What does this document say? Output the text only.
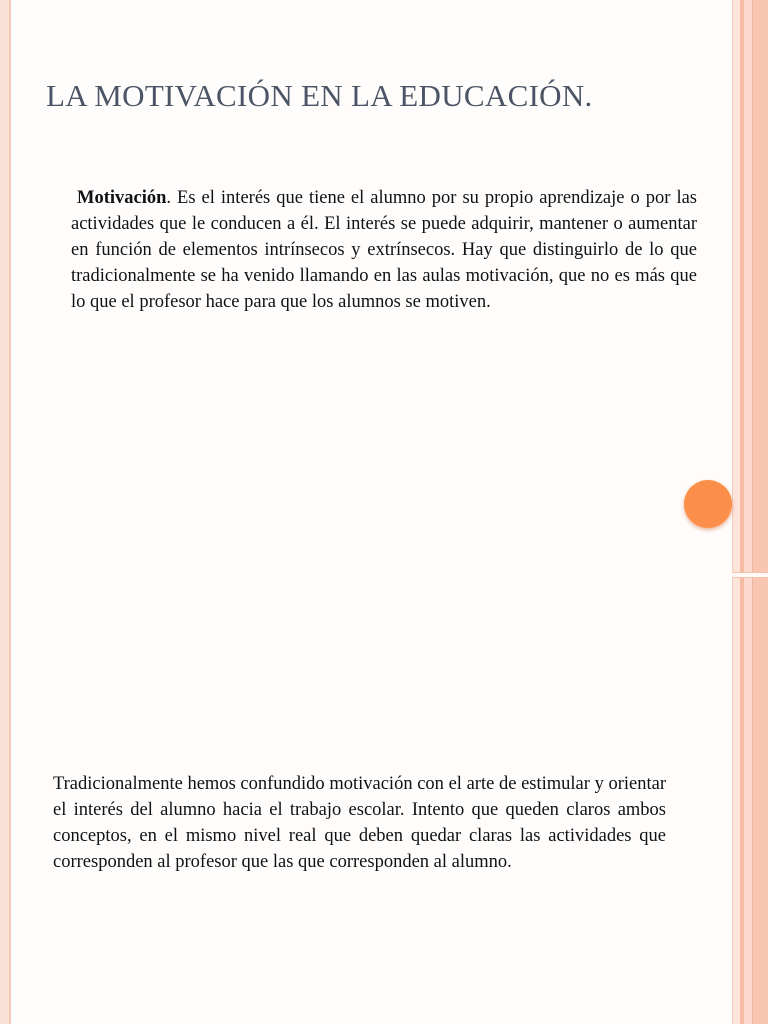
LA MOTIVACIÓN EN LA EDUCACIÓN.

Motivación. Es el interés que tiene el alumno por su propio aprendizaje o por las actividades que le conducen a él. El interés se puede adquirir, mantener o aumentar en función de elementos intrínsecos y extrínsecos. Hay que distinguirlo de lo que tradicionalmente se ha venido llamando en las aulas motivación, que no es más que lo que el profesor hace para que los alumnos se motiven.

Tradicionalmente hemos confundido motivación con el arte de estimular y orientar el interés del alumno hacia el trabajo escolar. Intento que queden claros ambos conceptos, en el mismo nivel real que deben quedar claras las actividades que corresponden al profesor que las que corresponden al alumno.
